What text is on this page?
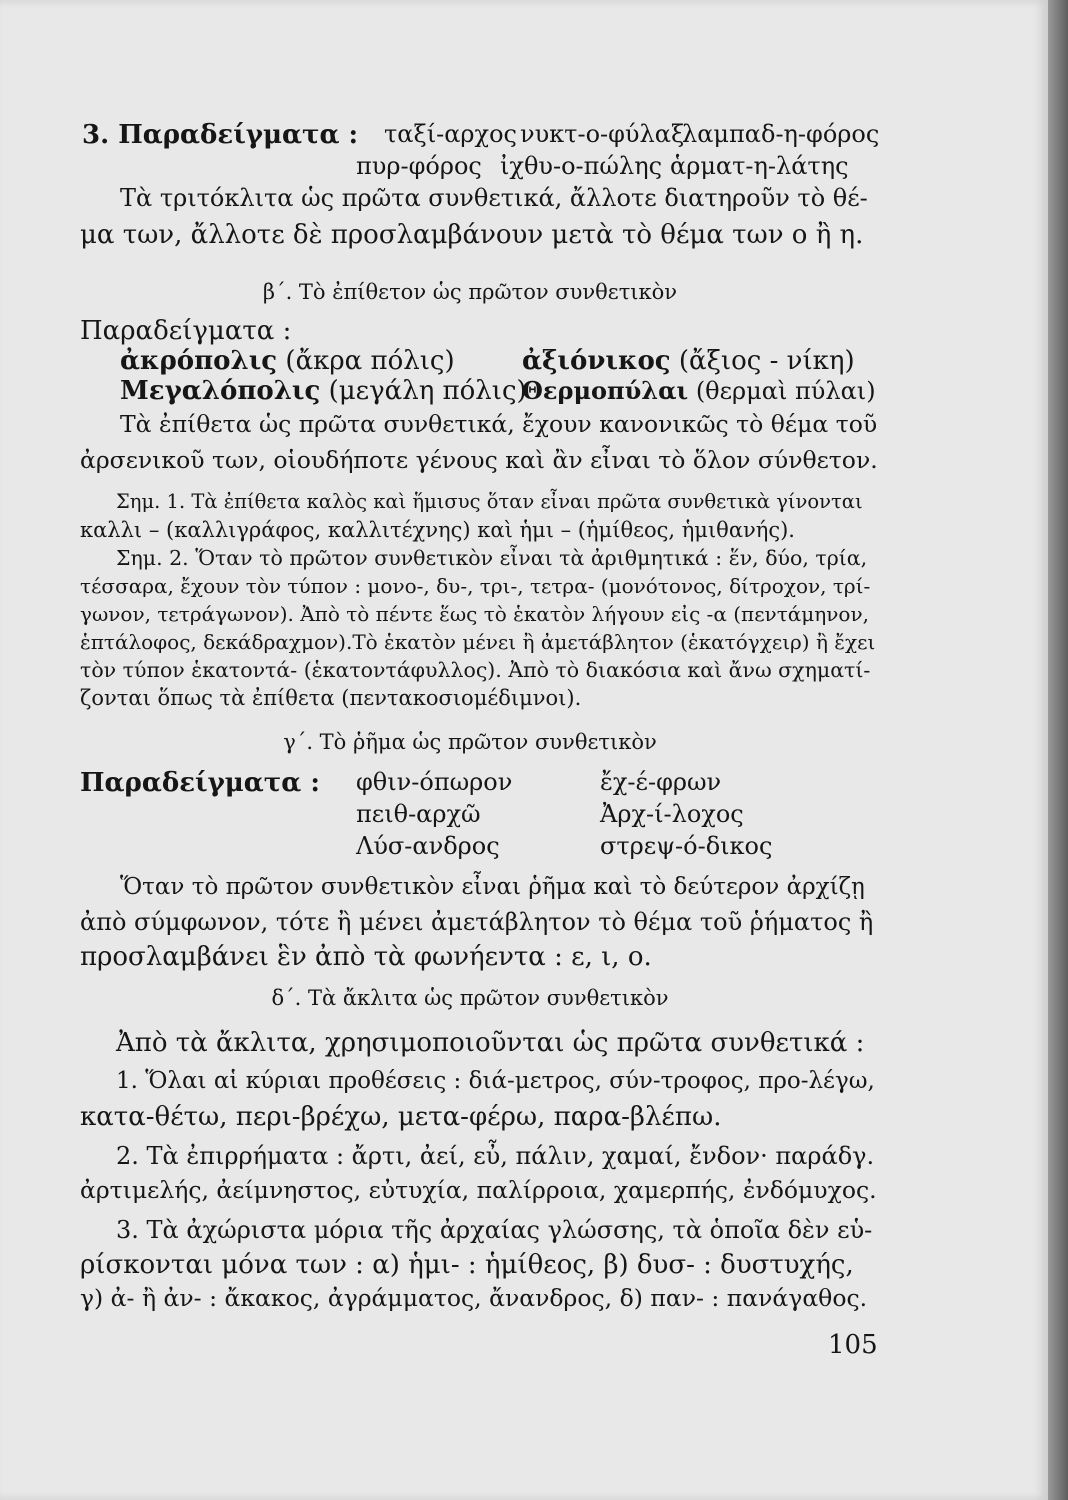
3. Παραδείγματα : ταξί-αρχος νυκτ-ο-φύλαξ
λαμπαδ-η-φόρος
πυρ-φόρος ἰχθυ-ο-πώλης ἁρματ-η-λάτης
Τὰ τριτόκλιτα ὡς πρῶτα συνθετικά, ἄλλοτε διατηροῦν τὸ θέ-
μα των, ἄλλοτε δὲ προσλαμβάνουν μετὰ τὸ θέμα των ο ἢ η.
β΄. Τὸ ἐπίθετον ὡς πρῶτον συνθετικὸν
Παραδείγματα :
ἀκρόπολις (ἄκρα πόλις)	ἀξιόνικος (ἄξιος - νίκη)
Μεγαλόπολις (μεγάλη πόλις)
Θερμοπύλαι (θερμαὶ πύλαι)
Τὰ ἐπίθετα ὡς πρῶτα συνθετικά, ἔχουν κανονικῶς τὸ θέμα τοῦ
ἀρσενικοῦ των, οἱουδήποτε γένους καὶ ἂν εἶναι τὸ ὅλον σύνθετον.
Σημ. 1. Τὰ ἐπίθετα καλὸς καὶ ἥμισυς ὅταν εἶναι πρῶτα συνθετικὰ γίνονται
καλλι – (καλλιγράφος, καλλιτέχνης) καὶ ἡμι – (ἡμίθεος, ἡμιθανής).
Σημ. 2. Ὅταν τὸ πρῶτον συνθετικὸν εἶναι τὰ ἀριθμητικά : ἕν, δύο, τρία,
τέσσαρα, ἔχουν τὸν τύπον : μονο-, δυ-, τρι-, τετρα- (μονότονος, δίτροχον, τρί-
γωνον, τετράγωνον). Ἀπὸ τὸ πέντε ἕως τὸ ἑκατὸν λήγουν εἰς -α (πεντάμηνον,
ἑπτάλοφος, δεκάδραχμον).Τὸ ἑκατὸν μένει ἢ ἀμετάβλητον (ἑκατόγχειρ) ἢ ἔχει
τὸν τύπον ἑκατοντά- (ἑκατοντάφυλλος). Ἀπὸ τὸ διακόσια καὶ ἄνω σχηματί-
ζονται ὅπως τὰ ἐπίθετα (πεντακοσιομέδιμνοι).
γ΄. Τὸ ῥῆμα ὡς πρῶτον συνθετικὸν
Παραδείγματα : φθιν-όπωρον
πειθ-αρχῶ
Λύσ-ανδρος
ἔχ-έ-φρων
Ἀρχ-ί-λοχος
στρεψ-ό-δικος
Ὅταν τὸ πρῶτον συνθετικὸν εἶναι ῥῆμα καὶ τὸ δεύτερον ἀρχίζῃ
ἀπὸ σύμφωνον, τότε ἢ μένει ἀμετάβλητον τὸ θέμα τοῦ ῥήματος ἢ
προσλαμβάνει ἓν ἀπὸ τὰ φωνήεντα : ε, ι, ο.
δ΄. Τὰ ἄκλιτα ὡς πρῶτον συνθετικὸν
Ἀπὸ τὰ ἄκλιτα, χρησιμοποιοῦνται ὡς πρῶτα συνθετικά :
1. Ὅλαι αἱ κύριαι προθέσεις : διά-μετρος, σύν-τροφος, προ-λέγω,
κατα-θέτω, περι-βρέχω, μετα-φέρω, παρα-βλέπω.
2. Τὰ ἐπιρρήματα : ἄρτι, ἀεί, εὖ, πάλιν, χαμαί, ἔνδον· παράδγ.
ἀρτιμελής, ἀείμνηστος, εὐτυχία, παλίρροια, χαμερπής, ἐνδόμυχος.
3. Τὰ ἀχώριστα μόρια τῆς ἀρχαίας γλώσσης, τὰ ὁποῖα δὲν εὑ-
ρίσκονται μόνα των : α) ἡμι- : ἡμίθεος, β) δυσ- : δυστυχής,
γ) ἀ- ἢ ἀν- : ἄκακος, ἀγράμματος, ἄνανδρος, δ) παν- : πανάγαθος.
105
